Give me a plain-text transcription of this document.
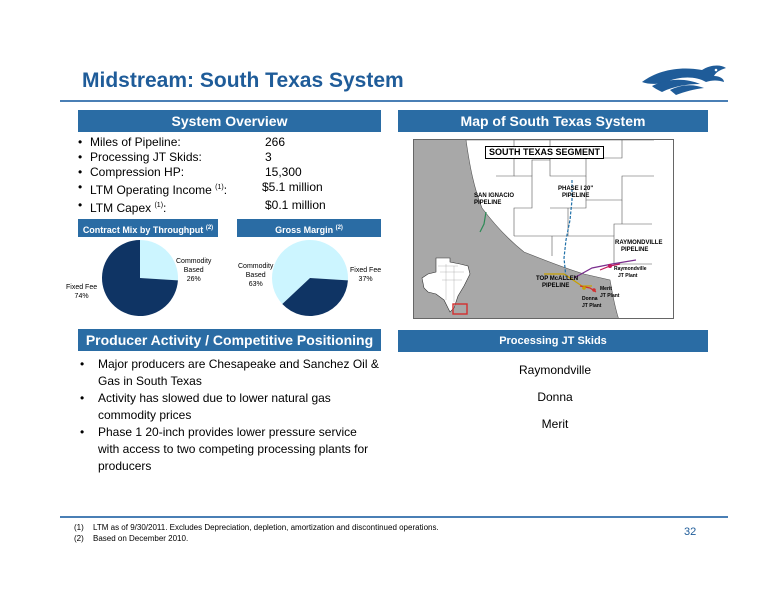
Midstream: South Texas System
System Overview
• Miles of Pipeline:	266
• Processing JT Skids:	3
• Compression HP:	15,300
• LTM Operating Income $^{(1)}$:	$5.1 million
• LTM Capex $^{(1)}$:	$0.1 million
Contract Mix by Throughput $^{(2)}$	Gross Margin $^{(2)}$
Commodity
Based
26%
Fixed Fee
74%
Commodity
Based
63%
Fixed Fee
37%
Map of South Texas System
SOUTH TEXAS SEGMENT
SAN IGNACIO
PIPELINE
PHASE I 20"
PIPELINE
TOP McALLEN
PIPELINE
RAYMONDVILLE
PIPELINE
Raymondville
JT Plant
Merit
JT Plant
Donna
JT Plant
Producer Activity / Competitive Positioning
•	Major producers are Chesapeake and Sanchez Oil & Gas in South Texas
•	Activity has slowed due to lower natural gas commodity prices
•	Phase 1 20-inch provides lower pressure service with access to two competing processing plants for producers
Processing JT Skids
Raymondville
Donna
Merit
(1)	LTM as of 9/30/2011. Excludes Depreciation, depletion, amortization and discontinued operations.
(2)	Based on December 2010.
32
